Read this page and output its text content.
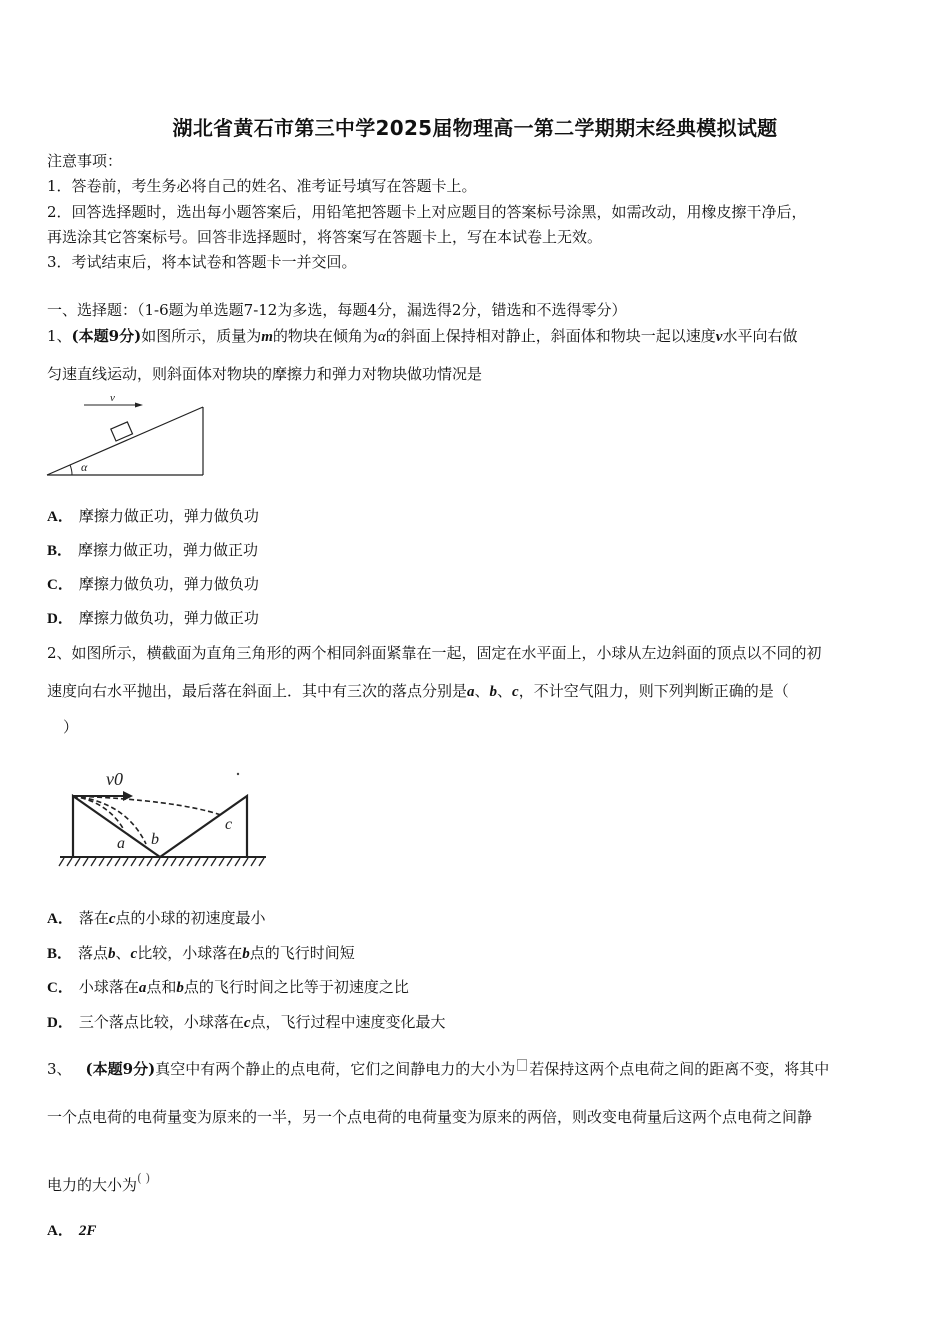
湖北省黄石市第三中学2025届物理高一第二学期期末经典模拟试题
注意事项：
1．答卷前，考生务必将自己的姓名、准考证号填写在答题卡上。
2．回答选择题时，选出每小题答案后，用铅笔把答题卡上对应题目的答案标号涂黑，如需改动，用橡皮擦干净后，
再选涂其它答案标号。回答非选择题时，将答案写在答题卡上，写在本试卷上无效。
3．考试结束后，将本试卷和答题卡一并交回。
一、选择题：（1-6题为单选题7-12为多选，每题4分，漏选得2分，错选和不选得零分）
1、(本题9分)如图所示，质量为m的物块在倾角为α的斜面上保持相对静止，斜面体和物块一起以速度v水平向右做
匀速直线运动，则斜面体对物块的摩擦力和弹力对物块做功情况是
v
α
A． 摩擦力做正功，弹力做负功
B． 摩擦力做正功，弹力做正功
C． 摩擦力做负功，弹力做负功
D． 摩擦力做负功，弹力做正功
2、如图所示，横截面为直角三角形的两个相同斜面紧靠在一起，固定在水平面上，小球从左边斜面的顶点以不同的初
速度向右水平抛出，最后落在斜面上．其中有三次的落点分别是a、b、c，不计空气阻力，则下列判断正确的是（
）
v0
a b
c
A． 落在c点的小球的初速度最小
B． 落点b、c比较，小球落在b点的飞行时间短
C． 小球落在a点和b点的飞行时间之比等于初速度之比
D． 三个落点比较，小球落在c点，飞行过程中速度变化最大
3、 (本题9分)真空中有两个静止的点电荷，它们之间静电力的大小为 若保持这两个点电荷之间的距离不变，将其中
一个点电荷的电荷量变为原来的一半，另一个点电荷的电荷量变为原来的两倍，则改变电荷量后这两个点电荷之间静
电力的大小为( )
A． 2F
